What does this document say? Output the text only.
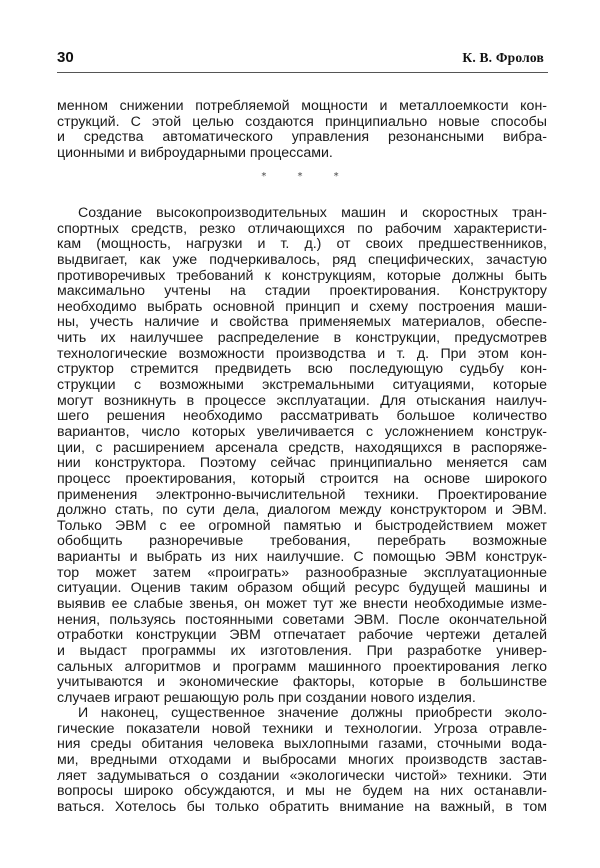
30	К. В. Фролов
менном снижении потребляемой мощности и металлоемкости кон-
струкций. С этой целью создаются принципиально новые способы
и средства автоматического управления резонансными вибра-
ционными и виброударными процессами.
* * *
Создание высокопроизводительных машин и скоростных тран-
спортных средств, резко отличающихся по рабочим характеристи-
кам (мощность, нагрузки и т. д.) от своих предшественников,
выдвигает, как уже подчеркивалось, ряд специфических, зачастую
противоречивых требований к конструкциям, которые должны быть
максимально учтены на стадии проектирования. Конструктору
необходимо выбрать основной принцип и схему построения маши-
ны, учесть наличие и свойства применяемых материалов, обеспе-
чить их наилучшее распределение в конструкции, предусмотрев
технологические возможности производства и т. д. При этом кон-
структор стремится предвидеть всю последующую судьбу кон-
струкции с возможными экстремальными ситуациями, которые
могут возникнуть в процессе эксплуатации. Для отыскания наилуч-
шего решения необходимо рассматривать большое количество
вариантов, число которых увеличивается с усложнением конструк-
ции, с расширением арсенала средств, находящихся в распоряже-
нии конструктора. Поэтому сейчас принципиально меняется сам
процесс проектирования, который строится на основе широкого
применения электронно-вычислительной техники. Проектирование
должно стать, по сути дела, диалогом между конструктором и ЭВМ.
Только ЭВМ с ее огромной памятью и быстродействием может
обобщить разноречивые требования, перебрать возможные
варианты и выбрать из них наилучшие. С помощью ЭВМ конструк-
тор может затем «проиграть» разнообразные эксплуатационные
ситуации. Оценив таким образом общий ресурс будущей машины и
выявив ее слабые звенья, он может тут же внести необходимые изме-
нения, пользуясь постоянными советами ЭВМ. После окончательной
отработки конструкции ЭВМ отпечатает рабочие чертежи деталей
и выдаст программы их изготовления. При разработке универ-
сальных алгоритмов и программ машинного проектирования легко
учитываются и экономические факторы, которые в большинстве
случаев играют решающую роль при создании нового изделия.
И наконец, существенное значение должны приобрести эколо-
гические показатели новой техники и технологии. Угроза отравле-
ния среды обитания человека выхлопными газами, сточными вода-
ми, вредными отходами и выбросами многих производств застав-
ляет задумываться о создании «экологически чистой» техники. Эти
вопросы широко обсуждаются, и мы не будем на них останавли-
ваться. Хотелось бы только обратить внимание на важный, в том
